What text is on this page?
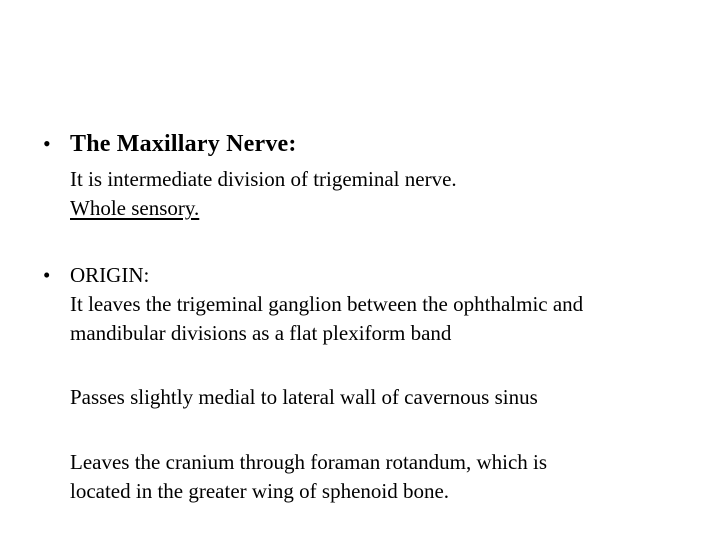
• The Maxillary Nerve:
It is intermediate division of trigeminal nerve.
Whole sensory.
• ORIGIN:
It leaves the trigeminal ganglion between the ophthalmic and
mandibular divisions as a flat plexiform band
Passes slightly medial to lateral wall of cavernous sinus
Leaves the cranium through foraman rotandum, which is
located in the greater wing of sphenoid bone.
